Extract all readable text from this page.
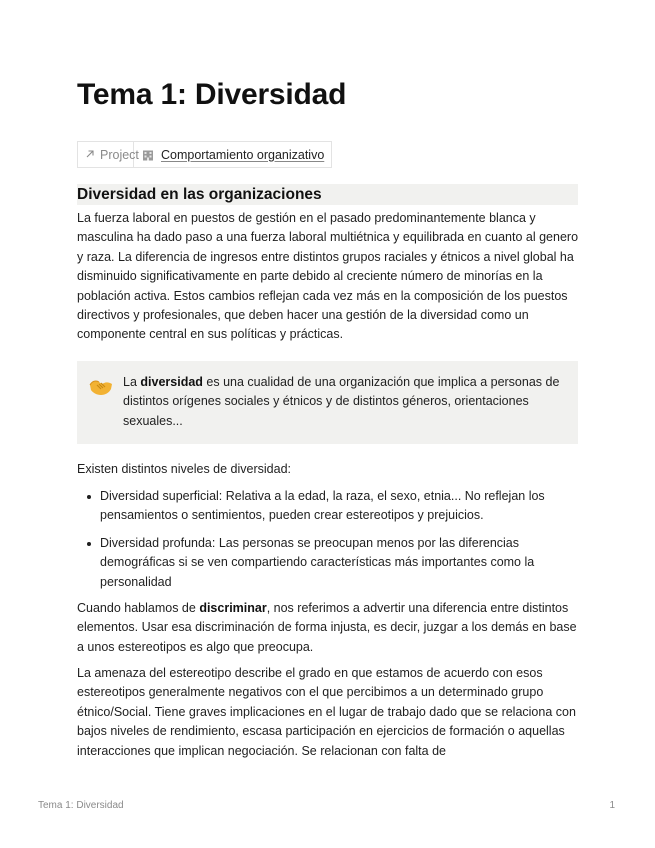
Tema 1: Diversidad
Project Comportamiento organizativo
Diversidad en las organizaciones

La fuerza laboral en puestos de gestión en el pasado predominantemente blanca y masculina ha dado paso a una fuerza laboral multiétnica y equilibrada en cuanto al genero y raza. La diferencia de ingresos entre distintos grupos raciales y étnicos a nivel global ha disminuido significativamente en parte debido al creciente número de minorías en la población activa. Estos cambios reflejan cada vez más en la composición de los puestos directivos y profesionales, que deben hacer una gestión de la diversidad como un componente central en sus políticas y prácticas.

La diversidad es una cualidad de una organización que implica a personas de distintos orígenes sociales y étnicos y de distintos géneros, orientaciones sexuales...

Existen distintos niveles de diversidad:

Diversidad superficial: Relativa a la edad, la raza, el sexo, etnia... No reflejan los pensamientos o sentimientos, pueden crear estereotipos y prejuicios.
Diversidad profunda: Las personas se preocupan menos por las diferencias demográficas si se ven compartiendo características más importantes como la personalidad

Cuando hablamos de discriminar, nos referimos a advertir una diferencia entre distintos elementos. Usar esa discriminación de forma injusta, es decir, juzgar a los demás en base a unos estereotipos es algo que preocupa.

La amenaza del estereotipo describe el grado en que estamos de acuerdo con esos estereotipos generalmente negativos con el que percibimos a un determinado grupo étnico/Social. Tiene graves implicaciones en el lugar de trabajo dado que se relaciona con bajos niveles de rendimiento, escasa participación en ejercicios de formación o aquellas interacciones que implican negociación. Se relacionan con falta de

Tema 1: Diversidad	1
